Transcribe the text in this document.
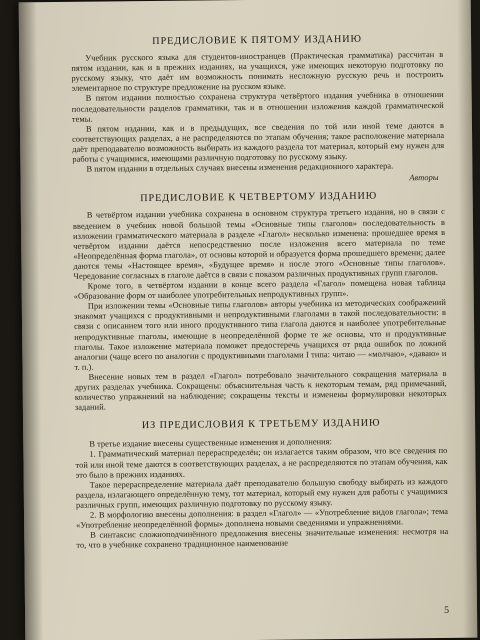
ПРЕДИСЛОВИЕ К ПЯТОМУ ИЗДАНИЮ

Учебник русского языка для студентов-иностранцев (Практическая грамматика) рассчитан в пятом издании, как и в прежних изданиях, на учащихся, уже имеющих некоторую подготовку по русскому языку, что даёт им возможность понимать несложную русскую речь и построить элементарное по структуре предложение на русском языке.

В пятом издании полностью сохранена структура четвёртого издания учебника в отношении последовательности разделов грамматики, так и в отношении изложения каждой грамматической темы.

В пятом издании, как и в предыдущих, все сведения по той или иной теме даются в соответствующих разделах, а не распределяются по этапам обучения; такое расположение материала даёт преподавателю возможность выбирать из каждого раздела тот материал, который ему нужен для работы с учащимися, имеющими различную подготовку по русскому языку.

В пятом издании в отдельных случаях внесены изменения редакционного характера.

Авторы
ПРЕДИСЛОВИЕ К ЧЕТВЕРТОМУ ИЗДАНИЮ

В четвёртом издании учебника сохранена в основном структура третьего издания, но в связи с введением в учебник новой большой темы «Основные типы глаголов» последовательность в изложении грамматического материала в разделе «Глагол» несколько изменена: прошедшее время в четвёртом издании даётся непосредственно после изложения всего материала по теме «Неопределённая форма глагола», от основы которой и образуется форма прошедшего времени; далее даются темы «Настоящее время», «Будущее время» и после этого «Основные типы глаголов». Чередование согласных в глаголе даётся в связи с показом различных продуктивных групп глаголов.

Кроме того, в четвёртом издании в конце всего раздела «Глагол» помещена новая таблица «Образование форм от наиболее употребительных непродуктивных групп».

При изложении темы «Основные типы глаголов» авторы учебника из методических соображений знакомят учащихся с продуктивными и непродуктивными глаголами в такой последовательности: в связи с описанием того или иного продуктивного типа глагола даются и наиболее употребительные непродуктивные глаголы, имеющие в неопределённой форме те же основы, что и продуктивные глаголы. Такое изложение материала поможет предостеречь учащихся от ряда ошибок по ложной аналогии (чаще всего по аналогии с продуктивными глаголами I типа: читаю — «молчаю», «даваю» и т. п.).

Внесение новых тем в раздел «Глагол» потребовало значительного сокращения материала в других разделах учебника. Сокращены: объяснительная часть к некоторым темам, ряд примечаний, количество упражнений на наблюдение; сокращены тексты и изменены формулировки некоторых заданий.

ИЗ ПРЕДИСЛОВИЯ К ТРЕТЬЕМУ ИЗДАНИЮ

В третье издание внесены существенные изменения и дополнения:

1. Грамматический материал перераспределён; он излагается таким образом, что все сведения по той или иной теме даются в соответствующих разделах, а не распределяются по этапам обучения, как это было в прежних изданиях.

Такое перераспределение материала даёт преподавателю большую свободу выбирать из каждого раздела, излагающего определённую тему, тот материал, который ему нужен для работы с учащимися различных групп, имеющих различную подготовку по русскому языку.

2. В морфологию внесены дополнения: в раздел «Глагол» — «Употребление видов глагола»; тема «Употребление неопределённой формы» дополнена новыми сведениями и упражнениями.

В синтаксис сложноподчинённого предложения внесены значительные изменения: несмотря на то, что в учебнике сохранено традиционное наименование

5
